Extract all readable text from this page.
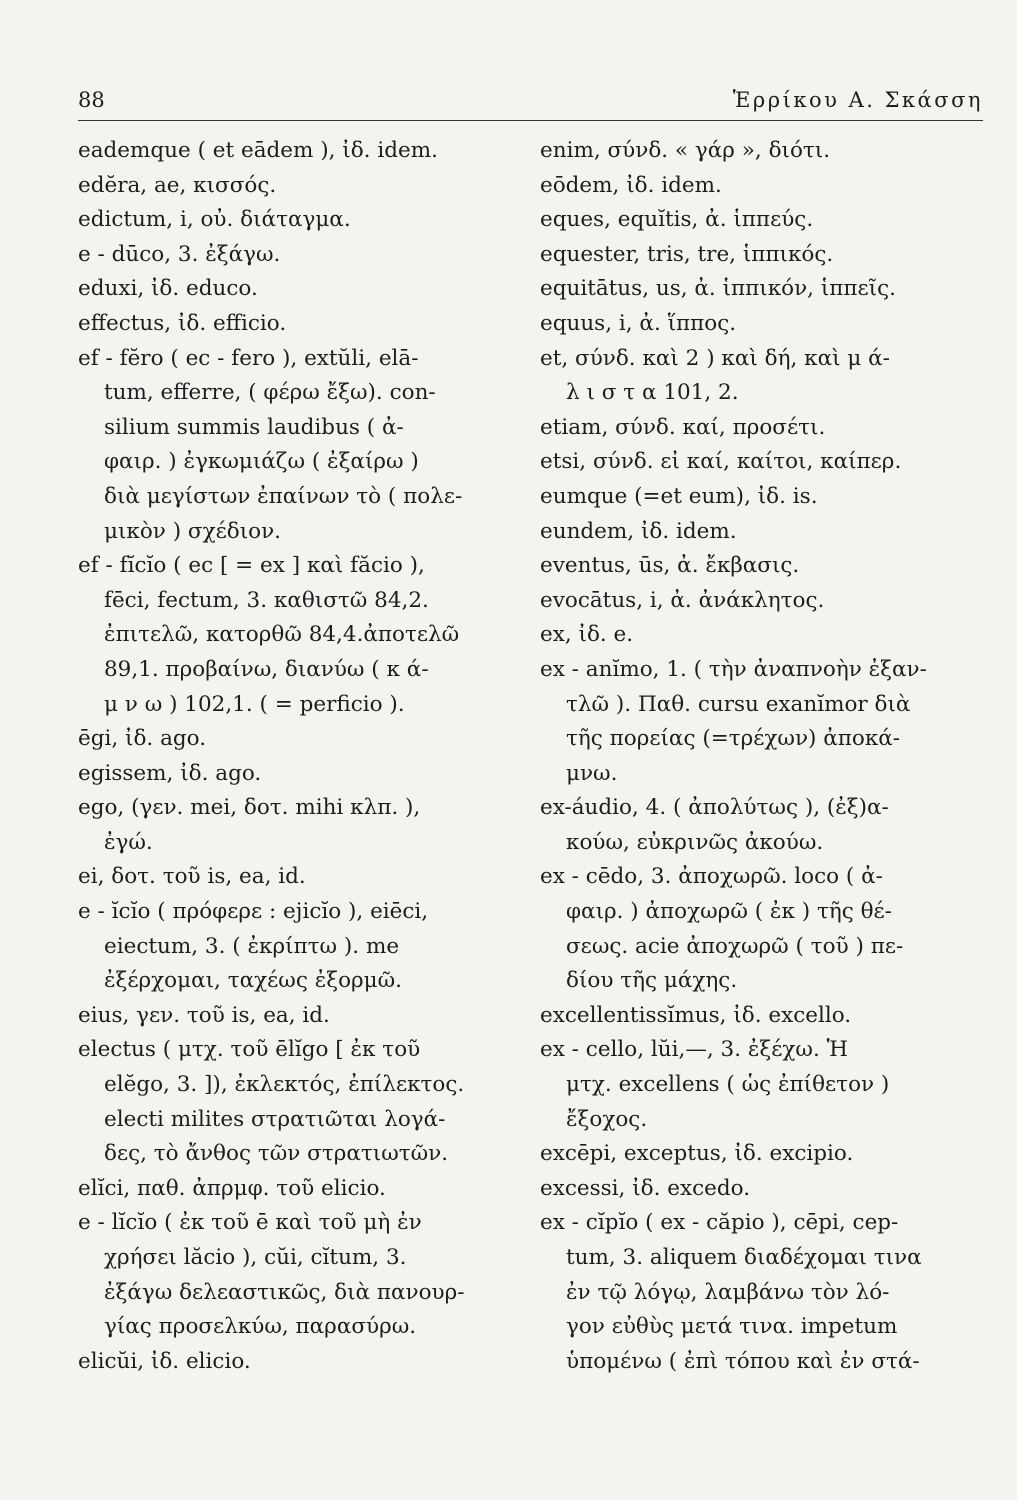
88	Ἑρρίκου Α. Σκάσση
eademque ( et eādem ), ἰδ. idem.
edĕra, ae, κισσός.
edictum, i, οὐ. διάταγμα.
e - dūco, 3. ἐξάγω.
eduxi, ἰδ. educo.
effectus, ἰδ. efficio.
ef - fĕro ( ec - fero ), extŭli, elā-
tum, efferre, ( φέρω ἔξω). con-
silium summis laudibus ( ἀ-
φαιρ. ) ἐγκωμιάζω ( ἐξαίρω )
διὰ μεγίστων ἐπαίνων τὸ ( πολε-
μικὸν ) σχέδιον.
ef - fĭcĭo ( ec [ = ex ] καὶ făcio ),
fēci, fectum, 3. καθιστῶ 84,2.
ἐπιτελῶ, κατορθῶ 84,4.ἀποτελῶ
89,1. προβαίνω, διανύω ( κ ά-
μ ν ω ) 102,1. ( = perficio ).
ēgi, ἰδ. ago.
egissem, ἰδ. ago.
ego, (γεν. mei, δοτ. mihi κλπ. ),
ἐγώ.
ei, δοτ. τοῦ is, ea, id.
e - ĭcĭo ( πρόφερε : ejicĭo ), eiēci,
eiectum, 3. ( ἐκρίπτω ). me
ἐξέρχομαι, ταχέως ἐξορμῶ.
eius, γεν. τοῦ is, ea, id.
electus ( μτχ. τοῦ ēlĭgo [ ἐκ τοῦ
elĕgo, 3. ]), ἐκλεκτός, ἐπίλεκτος.
electi milites στρατιῶται λογά-
δες, τὸ ἄνθος τῶν στρατιωτῶν.
elĭci, παθ. ἀπρμφ. τοῦ elicio.
e - lĭcĭo ( ἐκ τοῦ ē καὶ τοῦ μὴ ἐν
χρήσει lăcio ), cŭi, cĭtum, 3.
ἐξάγω δελεαστικῶς, διὰ πανουρ-
γίας προσελκύω, παρασύρω.
elicŭi, ἰδ. elicio.
enim, σύνδ. « γάρ », διότι.
eōdem, ἰδ. idem.
eques, equĭtis, ἀ. ἱππεύς.
equester, tris, tre, ἱππικός.
equitātus, us, ἀ. ἱππικόν, ἱππεῖς.
equus, i, ἀ. ἵππος.
et, σύνδ. καὶ 2 ) καὶ δή, καὶ μ ά-
λ ι σ τ α 101, 2.
etiam, σύνδ. καί, προσέτι.
etsi, σύνδ. εἰ καί, καίτοι, καίπερ.
eumque (=et eum), ἰδ. is.
eundem, ἰδ. idem.
eventus, ūs, ἀ. ἔκβασις.
evocātus, i, ἀ. ἀνάκλητος.
ex, ἰδ. e.
ex - anĭmo, 1. ( τὴν ἀναπνοὴν ἐξαν-
τλῶ ). Παθ. cursu exanĭmor διὰ
τῆς πορείας (=τρέχων) ἀποκά-
μνω.
ex-áudio, 4. ( ἀπολύτως ), (ἐξ)α-
κούω, εὐκρινῶς ἀκούω.
ex - cēdo, 3. ἀποχωρῶ. loco ( ἀ-
φαιρ. ) ἀποχωρῶ ( ἐκ ) τῆς θέ-
σεως. acie ἀποχωρῶ ( τοῦ ) πε-
δίου τῆς μάχης.
excellentissĭmus, ἰδ. excello.
ex - cello, lŭi,—, 3. ἐξέχω. Ἡ
μτχ. excellens ( ὡς ἐπίθετον )
ἔξοχος.
excēpi, exceptus, ἰδ. excipio.
excessi, ἰδ. excedo.
ex - cĭpĭo ( ex - căpio ), cēpi, cep-
tum, 3. aliquem διαδέχομαι τινα
ἐν τῷ λόγῳ, λαμβάνω τὸν λό-
γον εὐθὺς μετά τινα. impetum
ὑπομένω ( ἐπὶ τόπου καὶ ἐν στά-
